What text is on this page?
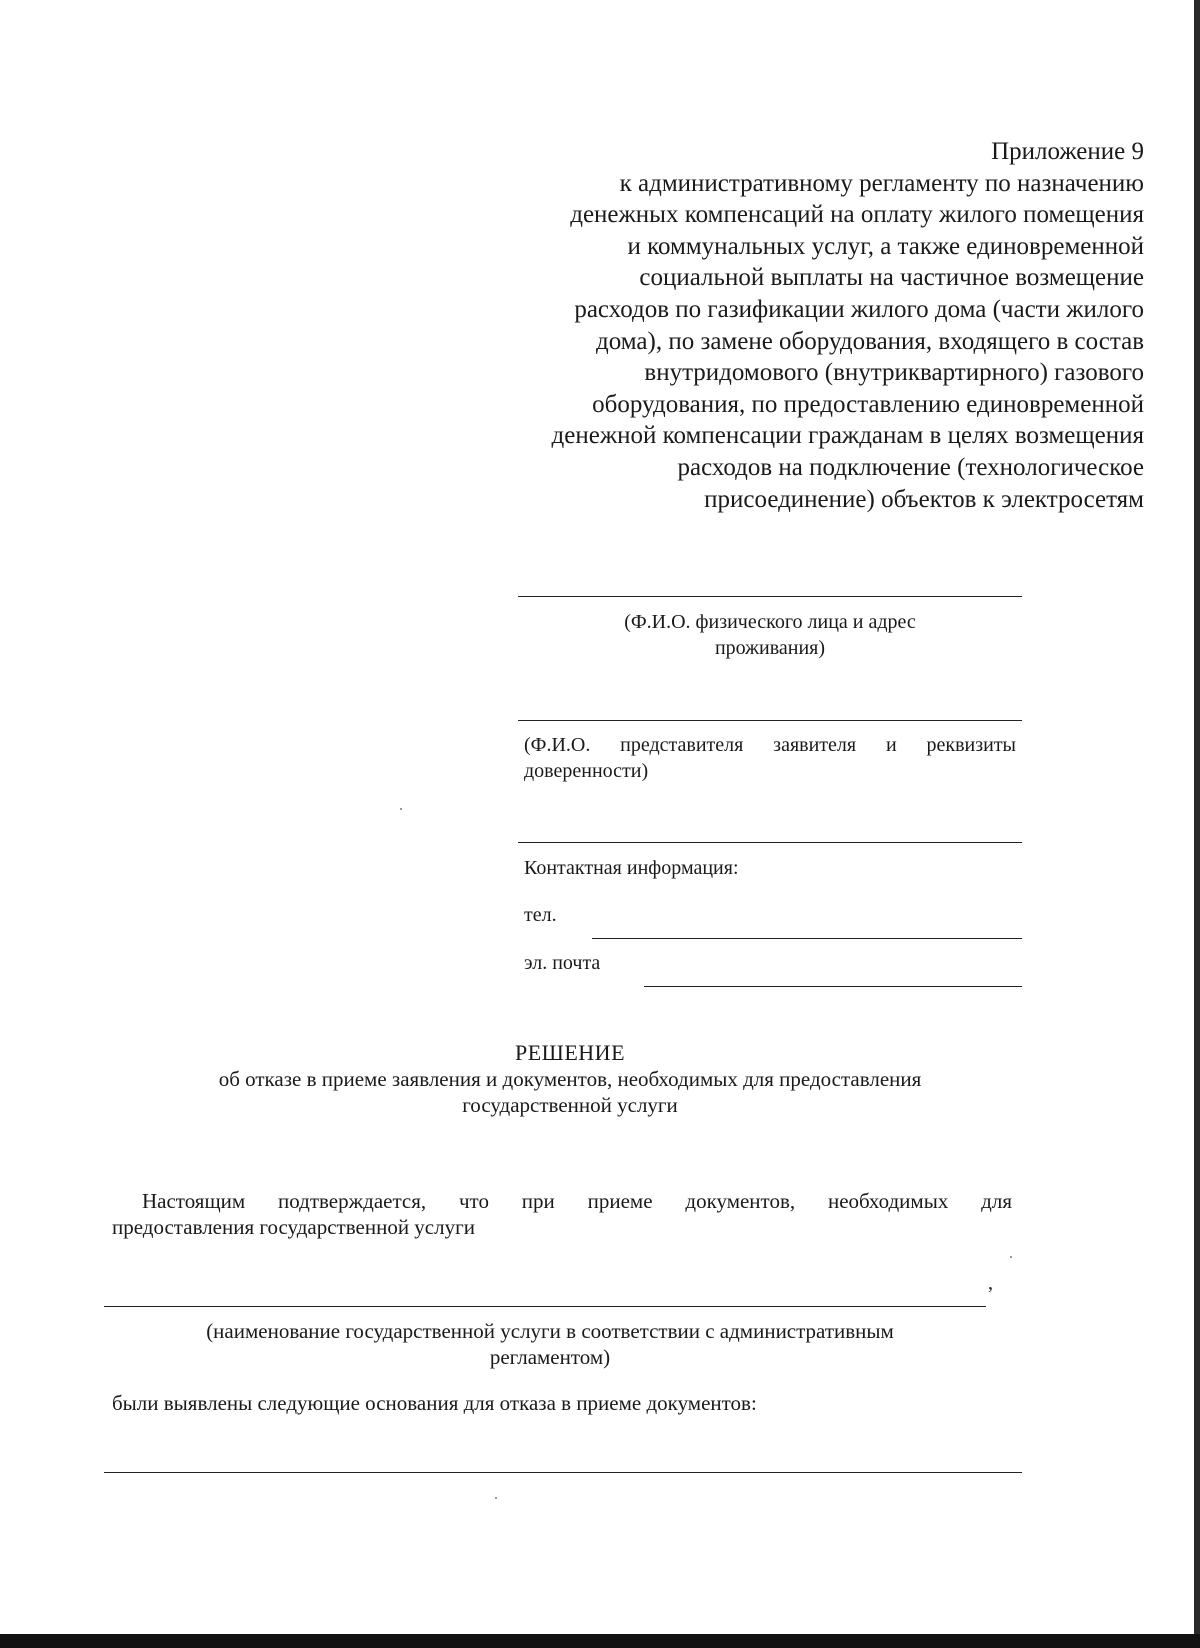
Приложение 9
к административному регламенту по назначению
денежных компенсаций на оплату жилого помещения
и коммунальных услуг, а также единовременной
социальной выплаты на частичное возмещение
расходов по газификации жилого дома (части жилого
дома), по замене оборудования, входящего в состав
внутридомового (внутриквартирного) газового
оборудования, по предоставлению единовременной
денежной компенсации гражданам в целях возмещения
расходов на подключение (технологическое
присоединение) объектов к электросетям
(Ф.И.О. физического лица и адрес
проживания)
(Ф.И.О. представителя заявителя и реквизиты
доверенности)
Контактная информация:
тел.
эл. почта
РЕШЕНИЕ
об отказе в приеме заявления и документов, необходимых для предоставления
государственной услуги
Настоящим подтверждается, что при приеме документов, необходимых для
предоставления государственной услуги
,
(наименование государственной услуги в соответствии с административным
регламентом)
были выявлены следующие основания для отказа в приеме документов:
